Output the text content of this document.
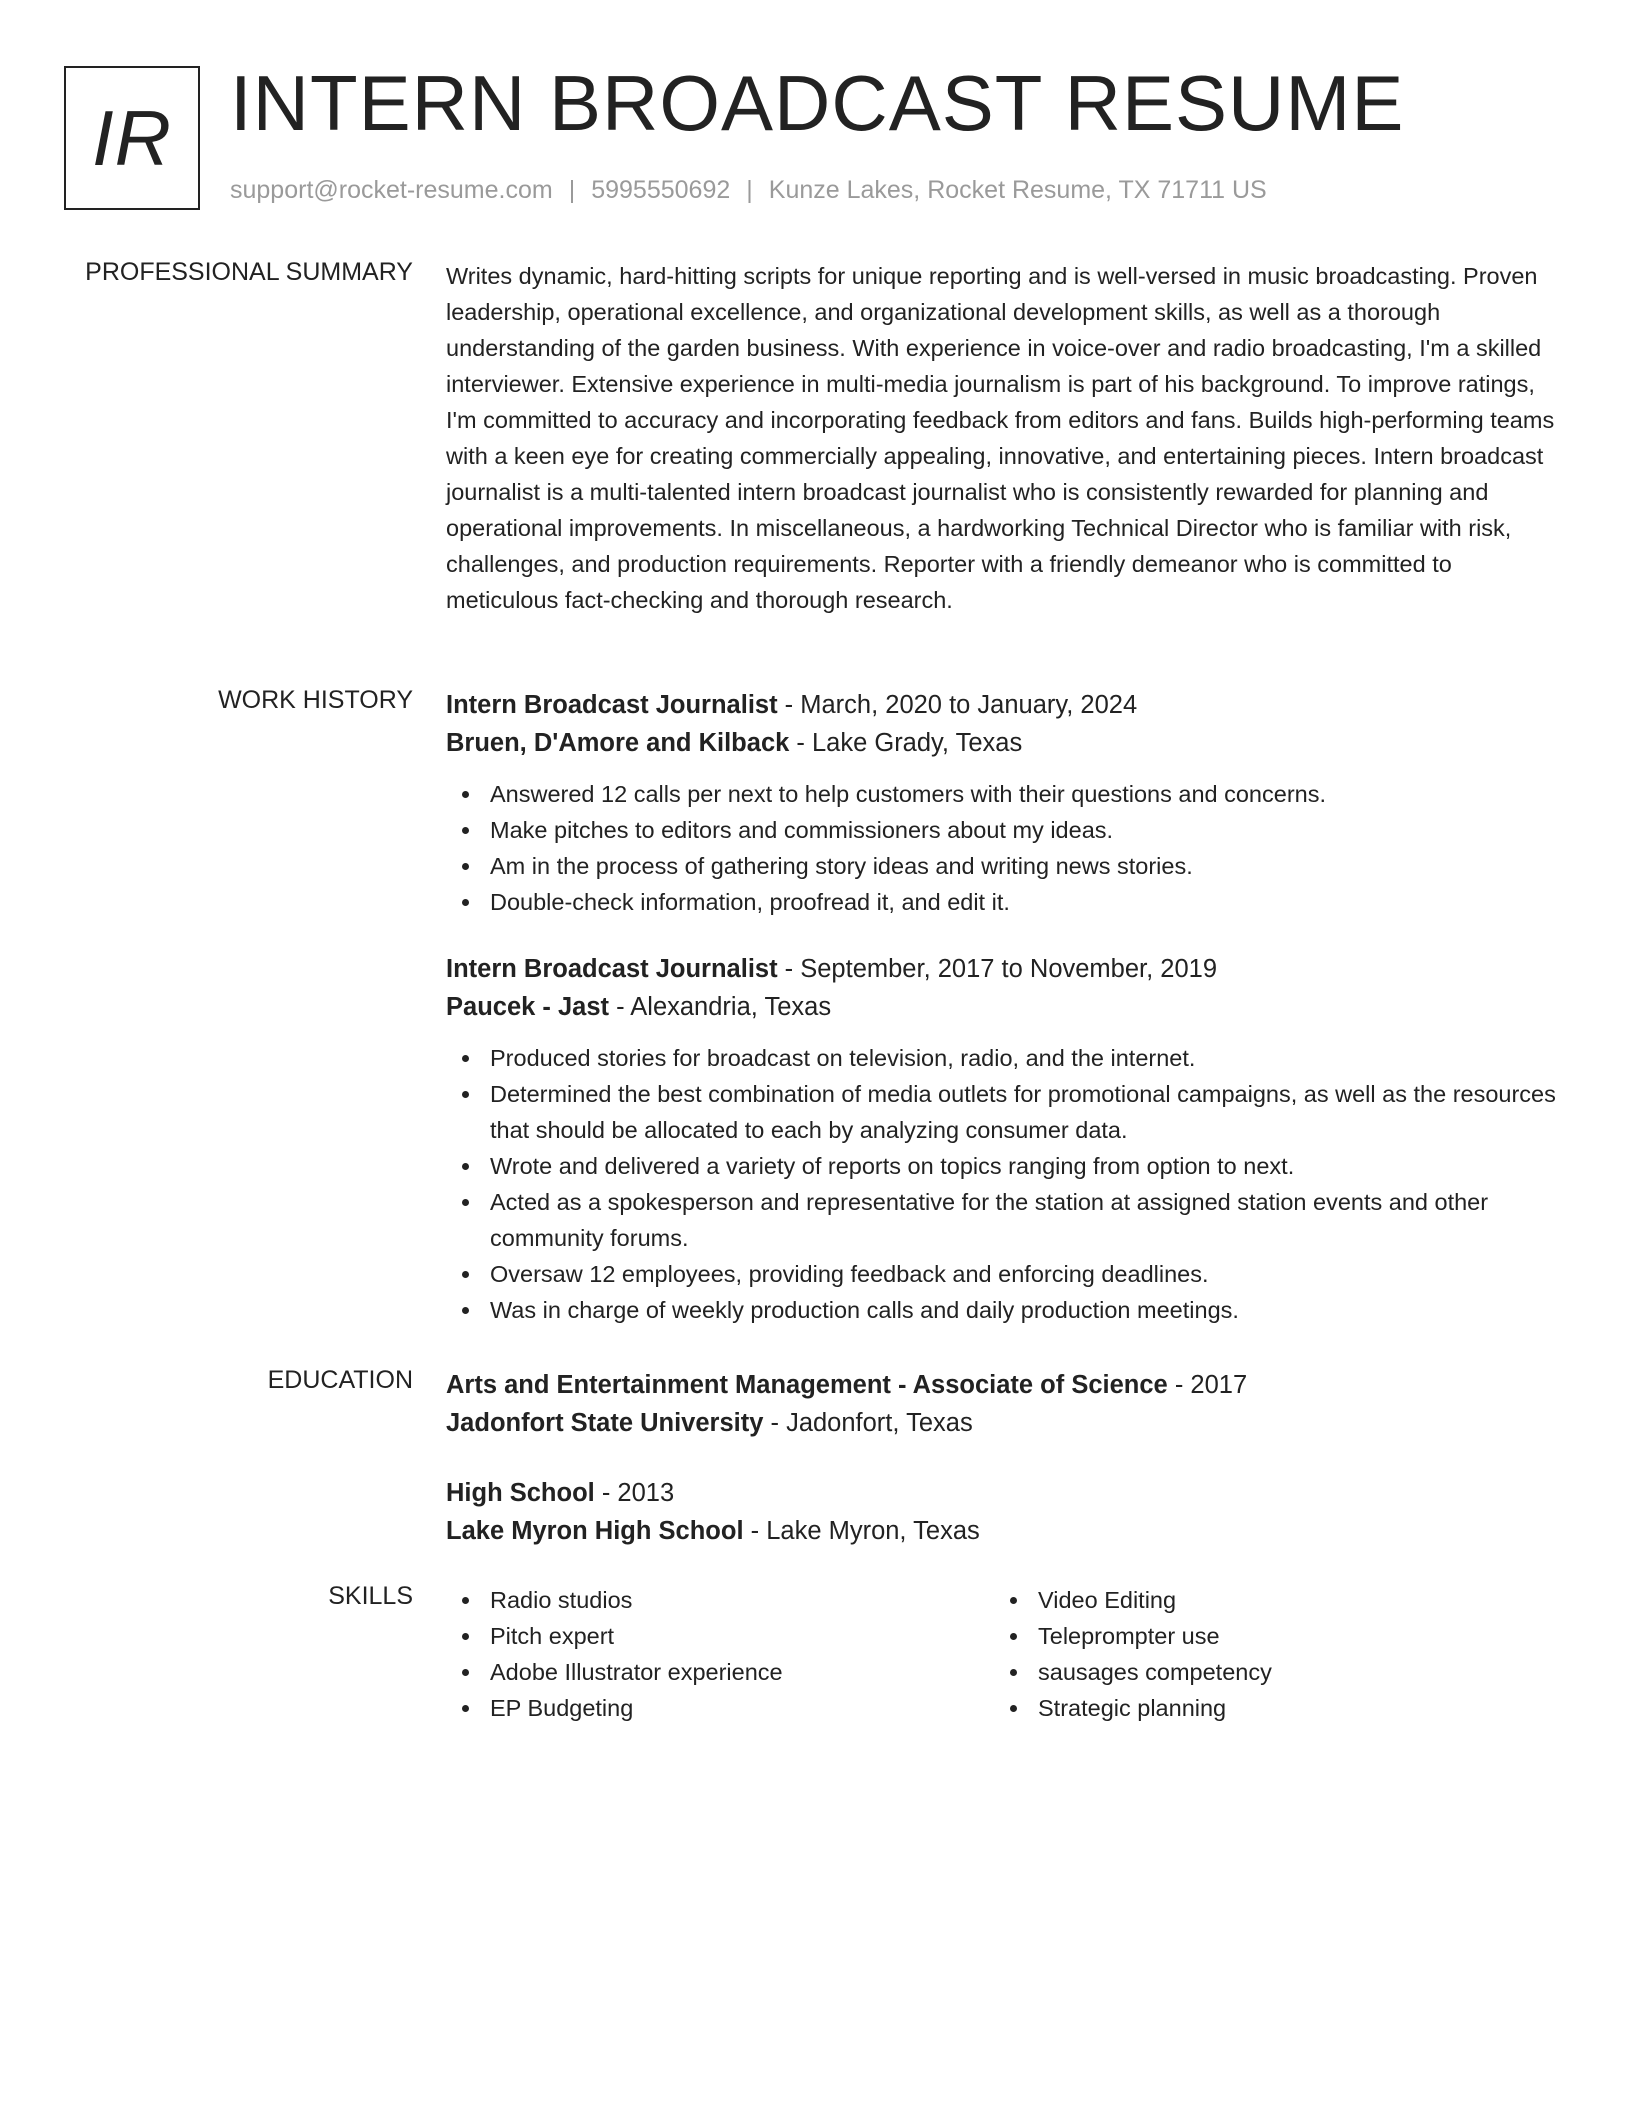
IR INTERN BROADCAST RESUME
support@rocket-resume.com | 5995550692 | Kunze Lakes, Rocket Resume, TX 71711 US
PROFESSIONAL SUMMARY Writes dynamic, hard-hitting scripts for unique reporting and is well-versed in music broadcasting. Proven leadership, operational excellence, and organizational development skills, as well as a thorough understanding of the garden business. With experience in voice-over and radio broadcasting, I'm a skilled interviewer. Extensive experience in multi-media journalism is part of his background. To improve ratings, I'm committed to accuracy and incorporating feedback from editors and fans. Builds high-performing teams with a keen eye for creating commercially appealing, innovative, and entertaining pieces. Intern broadcast journalist is a multi-talented intern broadcast journalist who is consistently rewarded for planning and operational improvements. In miscellaneous, a hardworking Technical Director who is familiar with risk, challenges, and production requirements. Reporter with a friendly demeanor who is committed to meticulous fact-checking and thorough research.

WORK HISTORY Intern Broadcast Journalist - March, 2020 to January, 2024
Bruen, D'Amore and Kilback - Lake Grady, Texas
Answered 12 calls per next to help customers with their questions and concerns.
Make pitches to editors and commissioners about my ideas.
Am in the process of gathering story ideas and writing news stories.
Double-check information, proofread it, and edit it.
Intern Broadcast Journalist - September, 2017 to November, 2019
Paucek - Jast - Alexandria, Texas
Produced stories for broadcast on television, radio, and the internet.
Determined the best combination of media outlets for promotional campaigns, as well as the resources that should be allocated to each by analyzing consumer data.
Wrote and delivered a variety of reports on topics ranging from option to next.
Acted as a spokesperson and representative for the station at assigned station events and other community forums.
Oversaw 12 employees, providing feedback and enforcing deadlines.
Was in charge of weekly production calls and daily production meetings.
EDUCATION Arts and Entertainment Management - Associate of Science - 2017
Jadonfort State University - Jadonfort, Texas
High School - 2013
Lake Myron High School - Lake Myron, Texas
SKILLS	Radio studios
Pitch expert
Adobe Illustrator experience
EP Budgeting
Video Editing
Teleprompter use
sausages competency
Strategic planning
